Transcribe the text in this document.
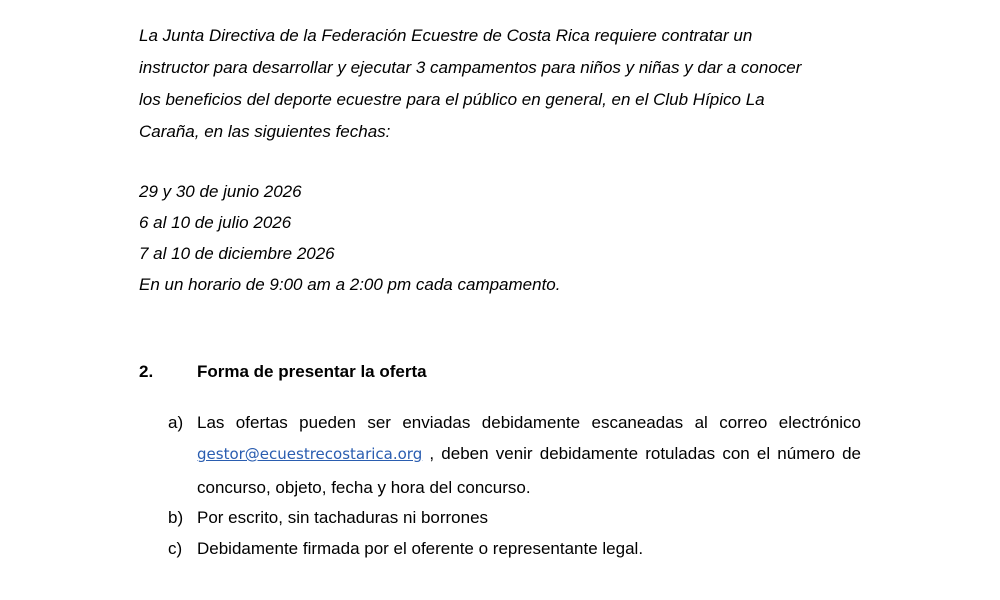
La Junta Directiva de la Federación Ecuestre de Costa Rica requiere contratar un
instructor para desarrollar y ejecutar 3 campamentos para niños y niñas y dar a conocer
los beneficios del deporte ecuestre para el público en general, en el Club Hípico La
Caraña, en las siguientes fechas:
29 y 30 de junio 2026
6 al 10 de julio 2026
7 al 10 de diciembre 2026
En un horario de 9:00 am a 2:00 pm cada campamento.
2.	Forma de presentar la oferta
a) Las ofertas pueden ser enviadas debidamente escaneadas al correo electrónico
gestor@ecuestrecostarica.org , deben venir debidamente rotuladas con el número de
concurso, objeto, fecha y hora del concurso.
b) Por escrito, sin tachaduras ni borrones
c) Debidamente firmada por el oferente o representante legal.
